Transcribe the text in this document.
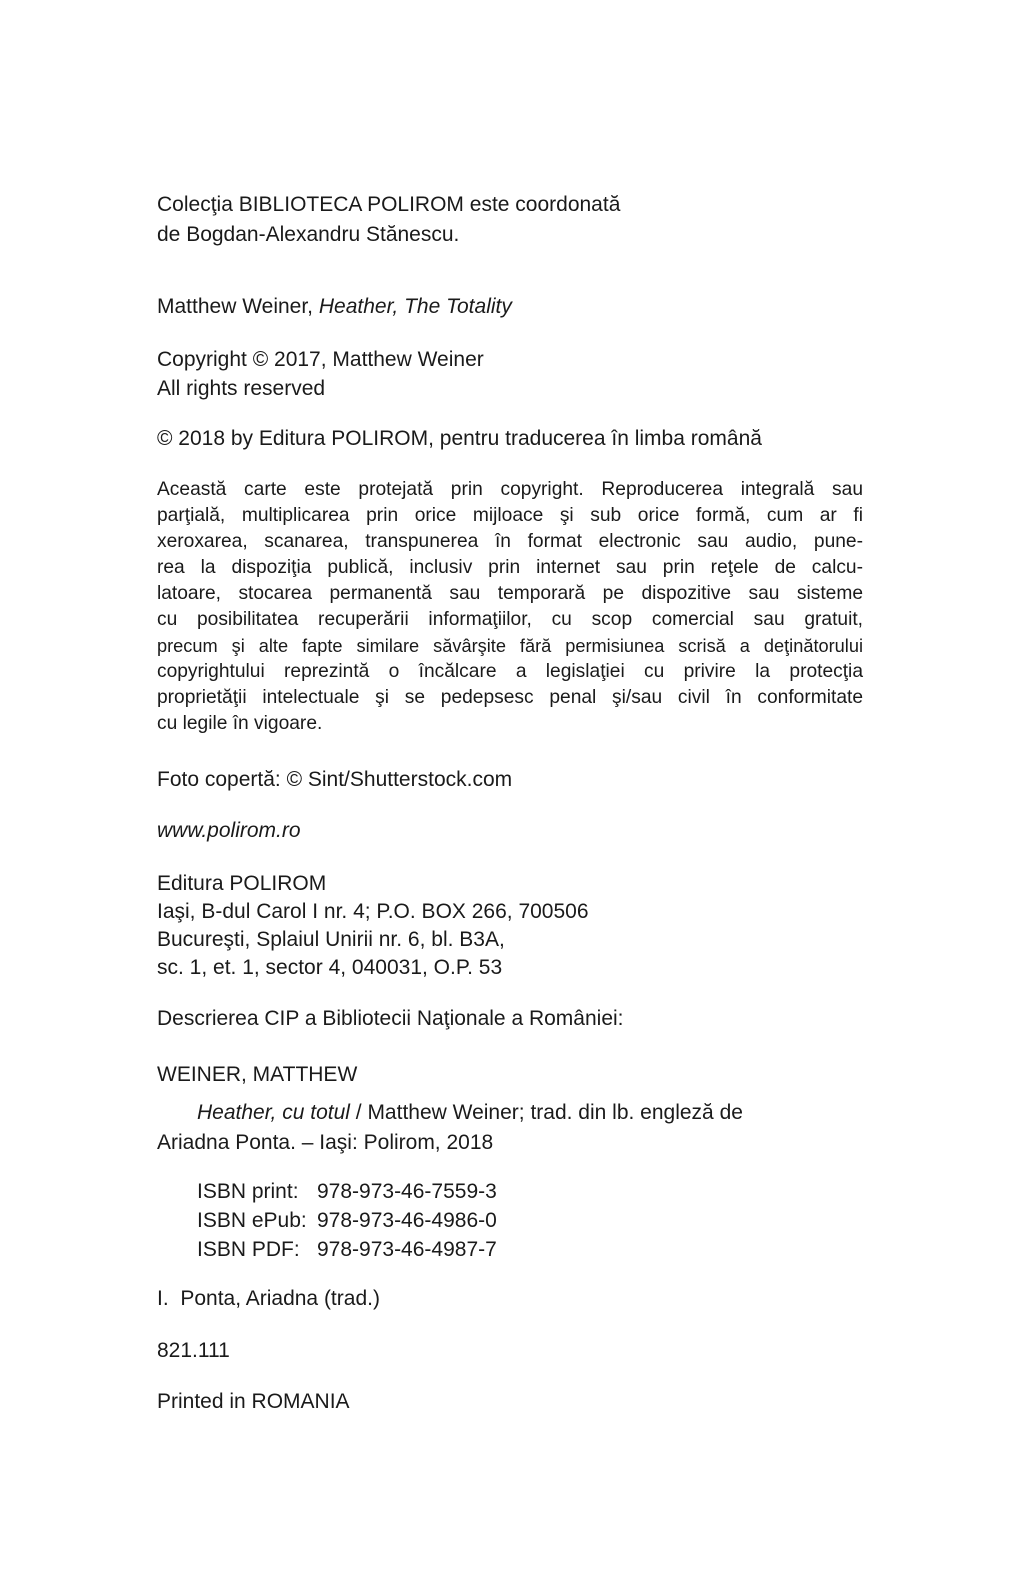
Colecţia BIBLIOTECA POLIROM este coordonată
de Bogdan-Alexandru Stănescu.
Matthew Weiner, Heather, The Totality
Copyright © 2017, Matthew Weiner
All rights reserved
© 2018 by Editura POLIROM, pentru traducerea în limba română
Această carte este protejată prin copyright. Reproducerea integrală sau
parţială, multiplicarea prin orice mijloace şi sub orice formă, cum ar fi
xeroxarea, scanarea, transpunerea în format electronic sau audio, pune-
rea la dispoziţia publică, inclusiv prin internet sau prin reţele de calcu-
latoare, stocarea permanentă sau temporară pe dispozitive sau sisteme
cu posibilitatea recuperării informaţiilor, cu scop comercial sau gratuit,
precum şi alte fapte similare săvârşite fără permisiunea scrisă a deţinătorului
copyrightului reprezintă o încălcare a legislaţiei cu privire la protecţia
proprietăţii intelectuale şi se pedepsesc penal şi/sau civil în conformitate
cu legile în vigoare.
Foto copertă: © Sint/Shutterstock.com
www.polirom.ro
Editura POLIROM
Iaşi, B-dul Carol I nr. 4; P.O. BOX 266, 700506
Bucureşti, Splaiul Unirii nr. 6, bl. B3A,
sc. 1, et. 1, sector 4, 040031, O.P. 53
Descrierea CIP a Bibliotecii Naţionale a României:
WEINER, MATTHEW
Heather, cu totul / Matthew Weiner; trad. din lb. engleză de
Ariadna Ponta. – Iaşi: Polirom, 2018
ISBN print: 978-973-46-7559-3
ISBN ePub: 978-973-46-4986-0
ISBN PDF: 978-973-46-4987-7
I.  Ponta, Ariadna (trad.)
821.111
Printed in ROMANIA
